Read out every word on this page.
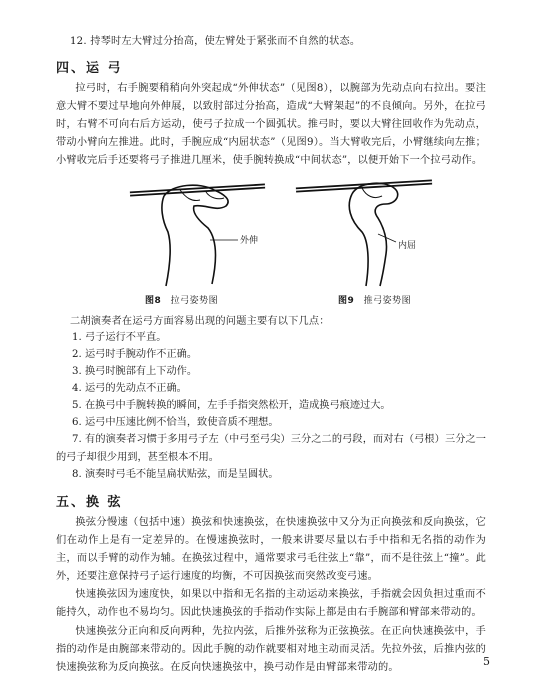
12. 持琴时左大臂过分抬高，使左臂处于紧张而不自然的状态。
四、运 弓
拉弓时，右手腕要稍稍向外突起成“外伸状态”（见图8），以腕部为先动点向右拉出。要注意大臂不要过早地向外伸展，以致肘部过分抬高，造成“大臂架起”的不良倾向。另外，在拉弓时，右臂不可向右后方运动，使弓子拉成一个圆弧状。推弓时，要以大臂往回收作为先动点，带动小臂向左推进。此时，手腕应成“内屈状态”（见图9）。当大臂收完后，小臂继续向左推；小臂收完后手还要将弓子推进几厘米，使手腕转换成“中间状态”，以便开始下一个拉弓动作。
外伸	内屈
图8 拉弓姿势图	图9 推弓姿势图
二胡演奏者在运弓方面容易出现的问题主要有以下几点：
1. 弓子运行不平直。
2. 运弓时手腕动作不正确。
3. 换弓时腕部有上下动作。
4. 运弓的先动点不正确。
5. 在换弓中手腕转换的瞬间，左手手指突然松开，造成换弓痕迹过大。
6. 运弓中压速比例不恰当，致使音质不理想。
7. 有的演奏者习惯于多用弓子左（中弓至弓尖）三分之二的弓段，而对右（弓根）三分之一的弓子却很少用到，甚至根本不用。
8. 演奏时弓毛不能呈扁状贴弦，而是呈圆状。
五、换 弦
换弦分慢速（包括中速）换弦和快速换弦，在快速换弦中又分为正向换弦和反向换弦，它们在动作上是有一定差异的。在慢速换弦时，一般来讲要尽量以右手中指和无名指的动作为主，而以手臂的动作为辅。在换弦过程中，通常要求弓毛往弦上“靠”，而不是往弦上“撞”。此外，还要注意保持弓子运行速度的均衡，不可因换弦而突然改变弓速。
快速换弦因为速度快，如果以中指和无名指的主动运动来换弦，手指就会因负担过重而不能持久，动作也不易均匀。因此快速换弦的手指动作实际上都是由右手腕部和臂部来带动的。
快速换弦分正向和反向两种，先拉内弦，后推外弦称为正弦换弦。在正向快速换弦中，手指的动作是由腕部来带动的。因此手腕的动作就要相对地主动而灵活。先拉外弦，后推内弦的快速换弦称为反向换弦。在反向快速换弦中，换弓动作是由臂部来带动的。	5
